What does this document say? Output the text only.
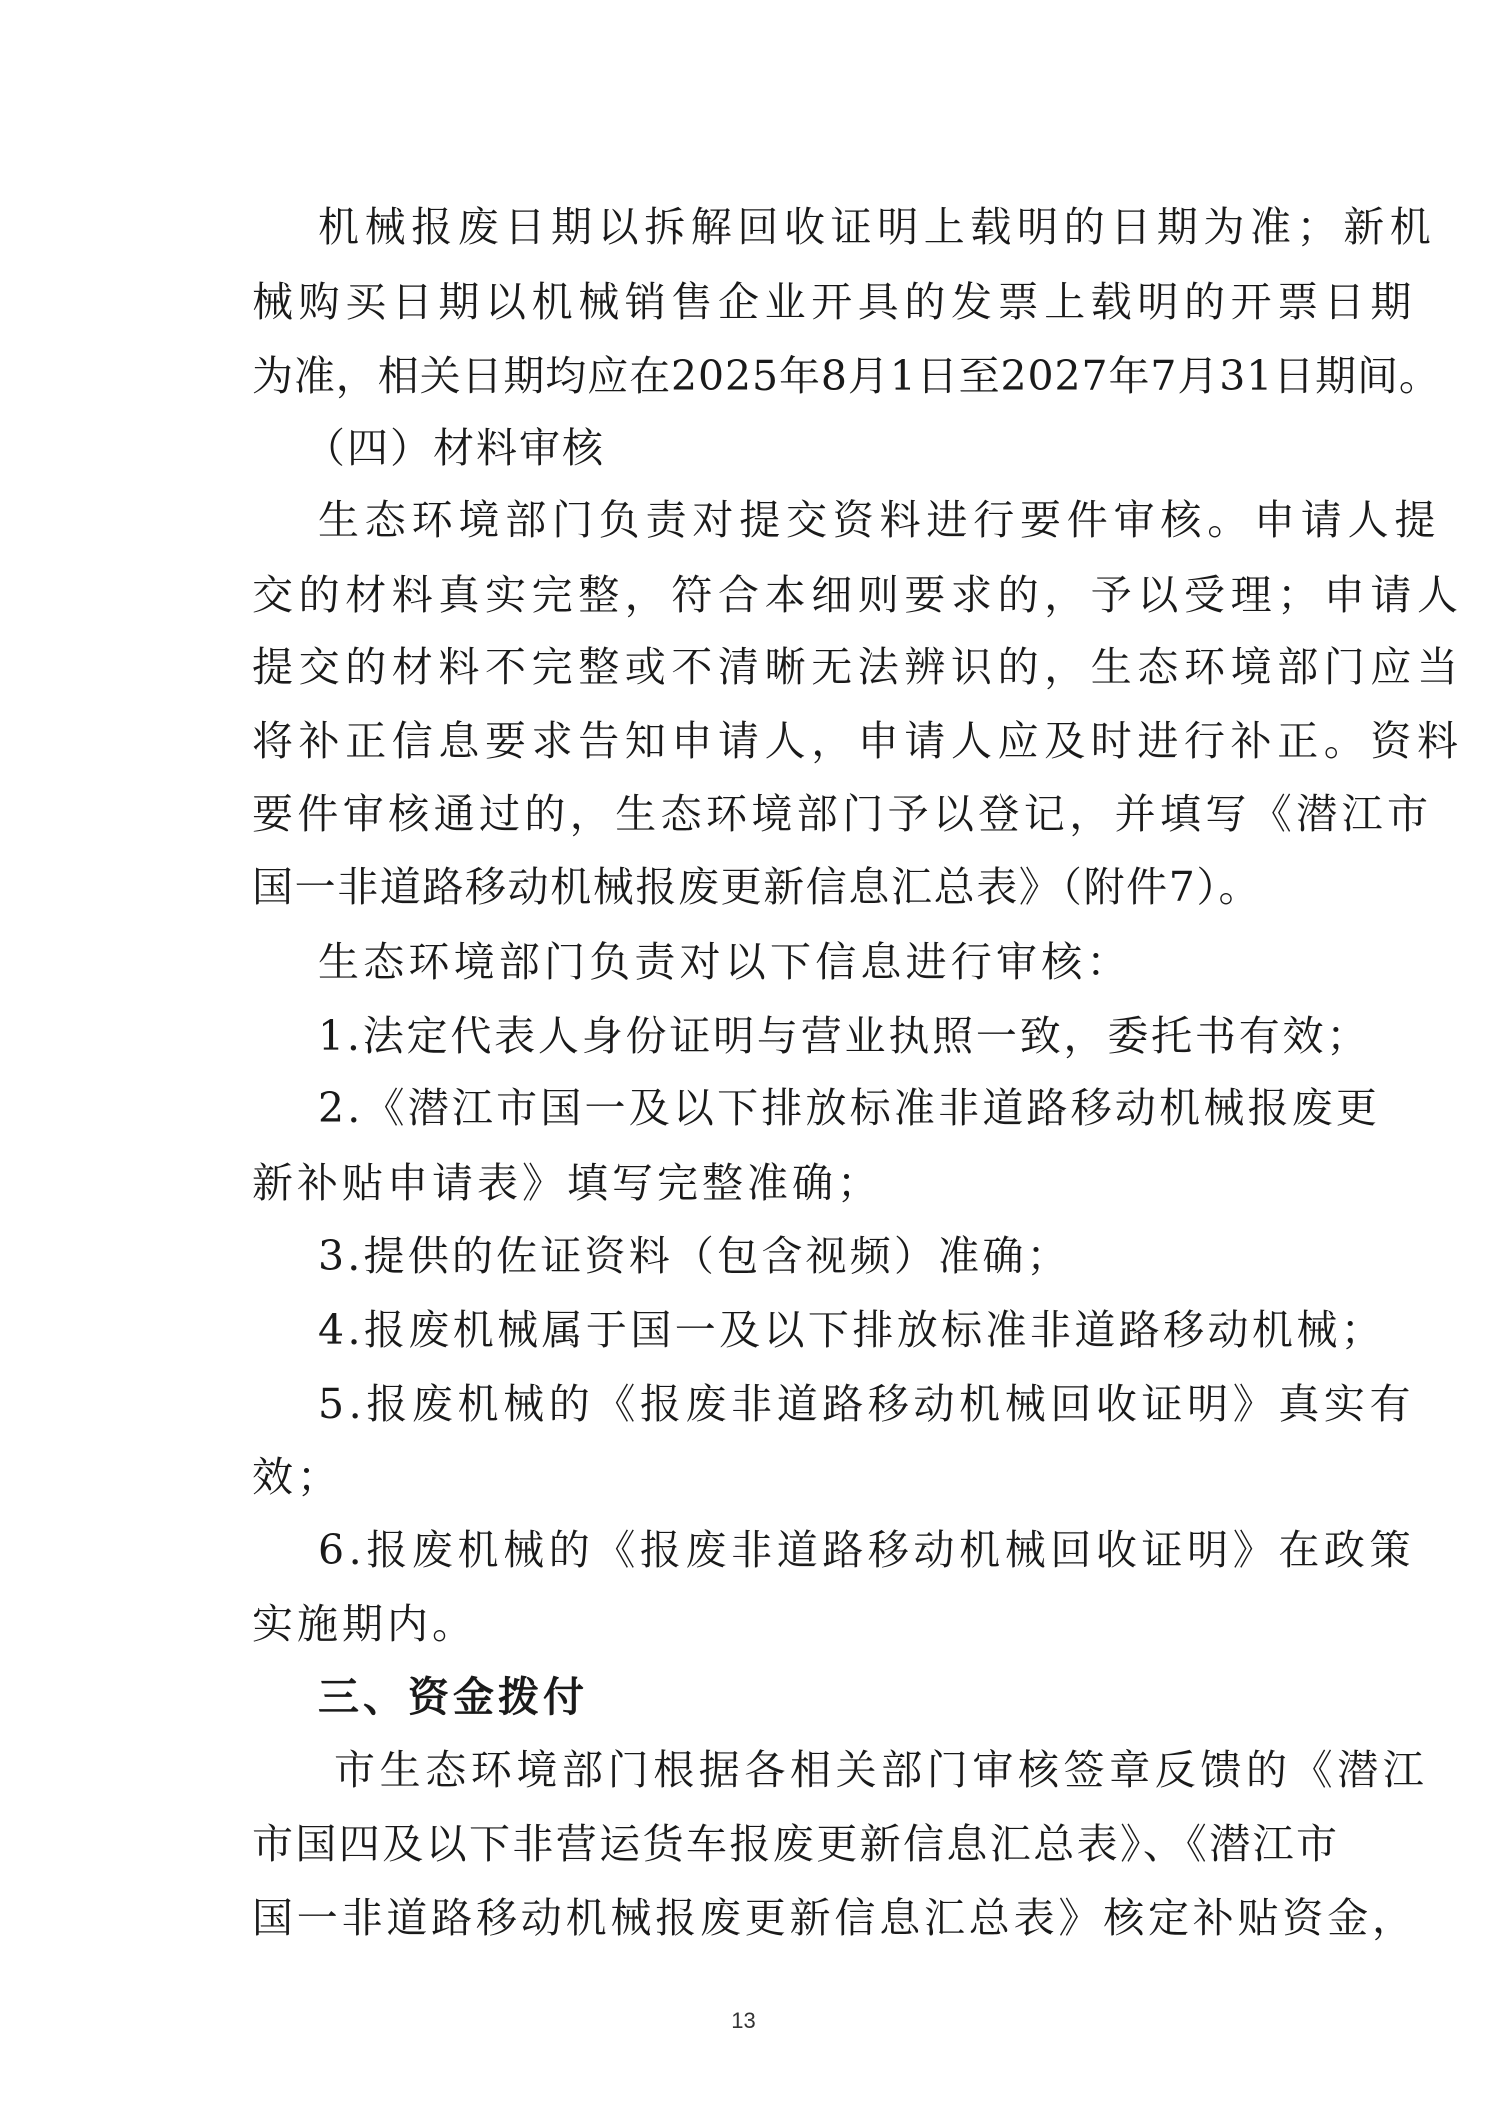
机械报废日期以拆解回收证明上载明的日期为准；新机
械购买日期以机械销售企业开具的发票上载明的开票日期
为准，相关日期均应在2025年8月1日至2027年7月31日期间。
（四）材料审核
生态环境部门负责对提交资料进行要件审核。申请人提
交的材料真实完整，符合本细则要求的，予以受理；申请人
提交的材料不完整或不清晰无法辨识的，生态环境部门应当
将补正信息要求告知申请人，申请人应及时进行补正。资料
要件审核通过的，生态环境部门予以登记，并填写《潜江市
国一非道路移动机械报废更新信息汇总表》（附件7）。
生态环境部门负责对以下信息进行审核：
1.法定代表人身份证明与营业执照一致，委托书有效；
2.《潜江市国一及以下排放标准非道路移动机械报废更
新补贴申请表》填写完整准确；
3.提供的佐证资料（包含视频）准确；
4.报废机械属于国一及以下排放标准非道路移动机械；
5.报废机械的《报废非道路移动机械回收证明》真实有
效；
6.报废机械的《报废非道路移动机械回收证明》在政策
实施期内。
三、资金拨付
市生态环境部门根据各相关部门审核签章反馈的《潜江
市国四及以下非营运货车报废更新信息汇总表》、《潜江市
国一非道路移动机械报废更新信息汇总表》核定补贴资金，
13
